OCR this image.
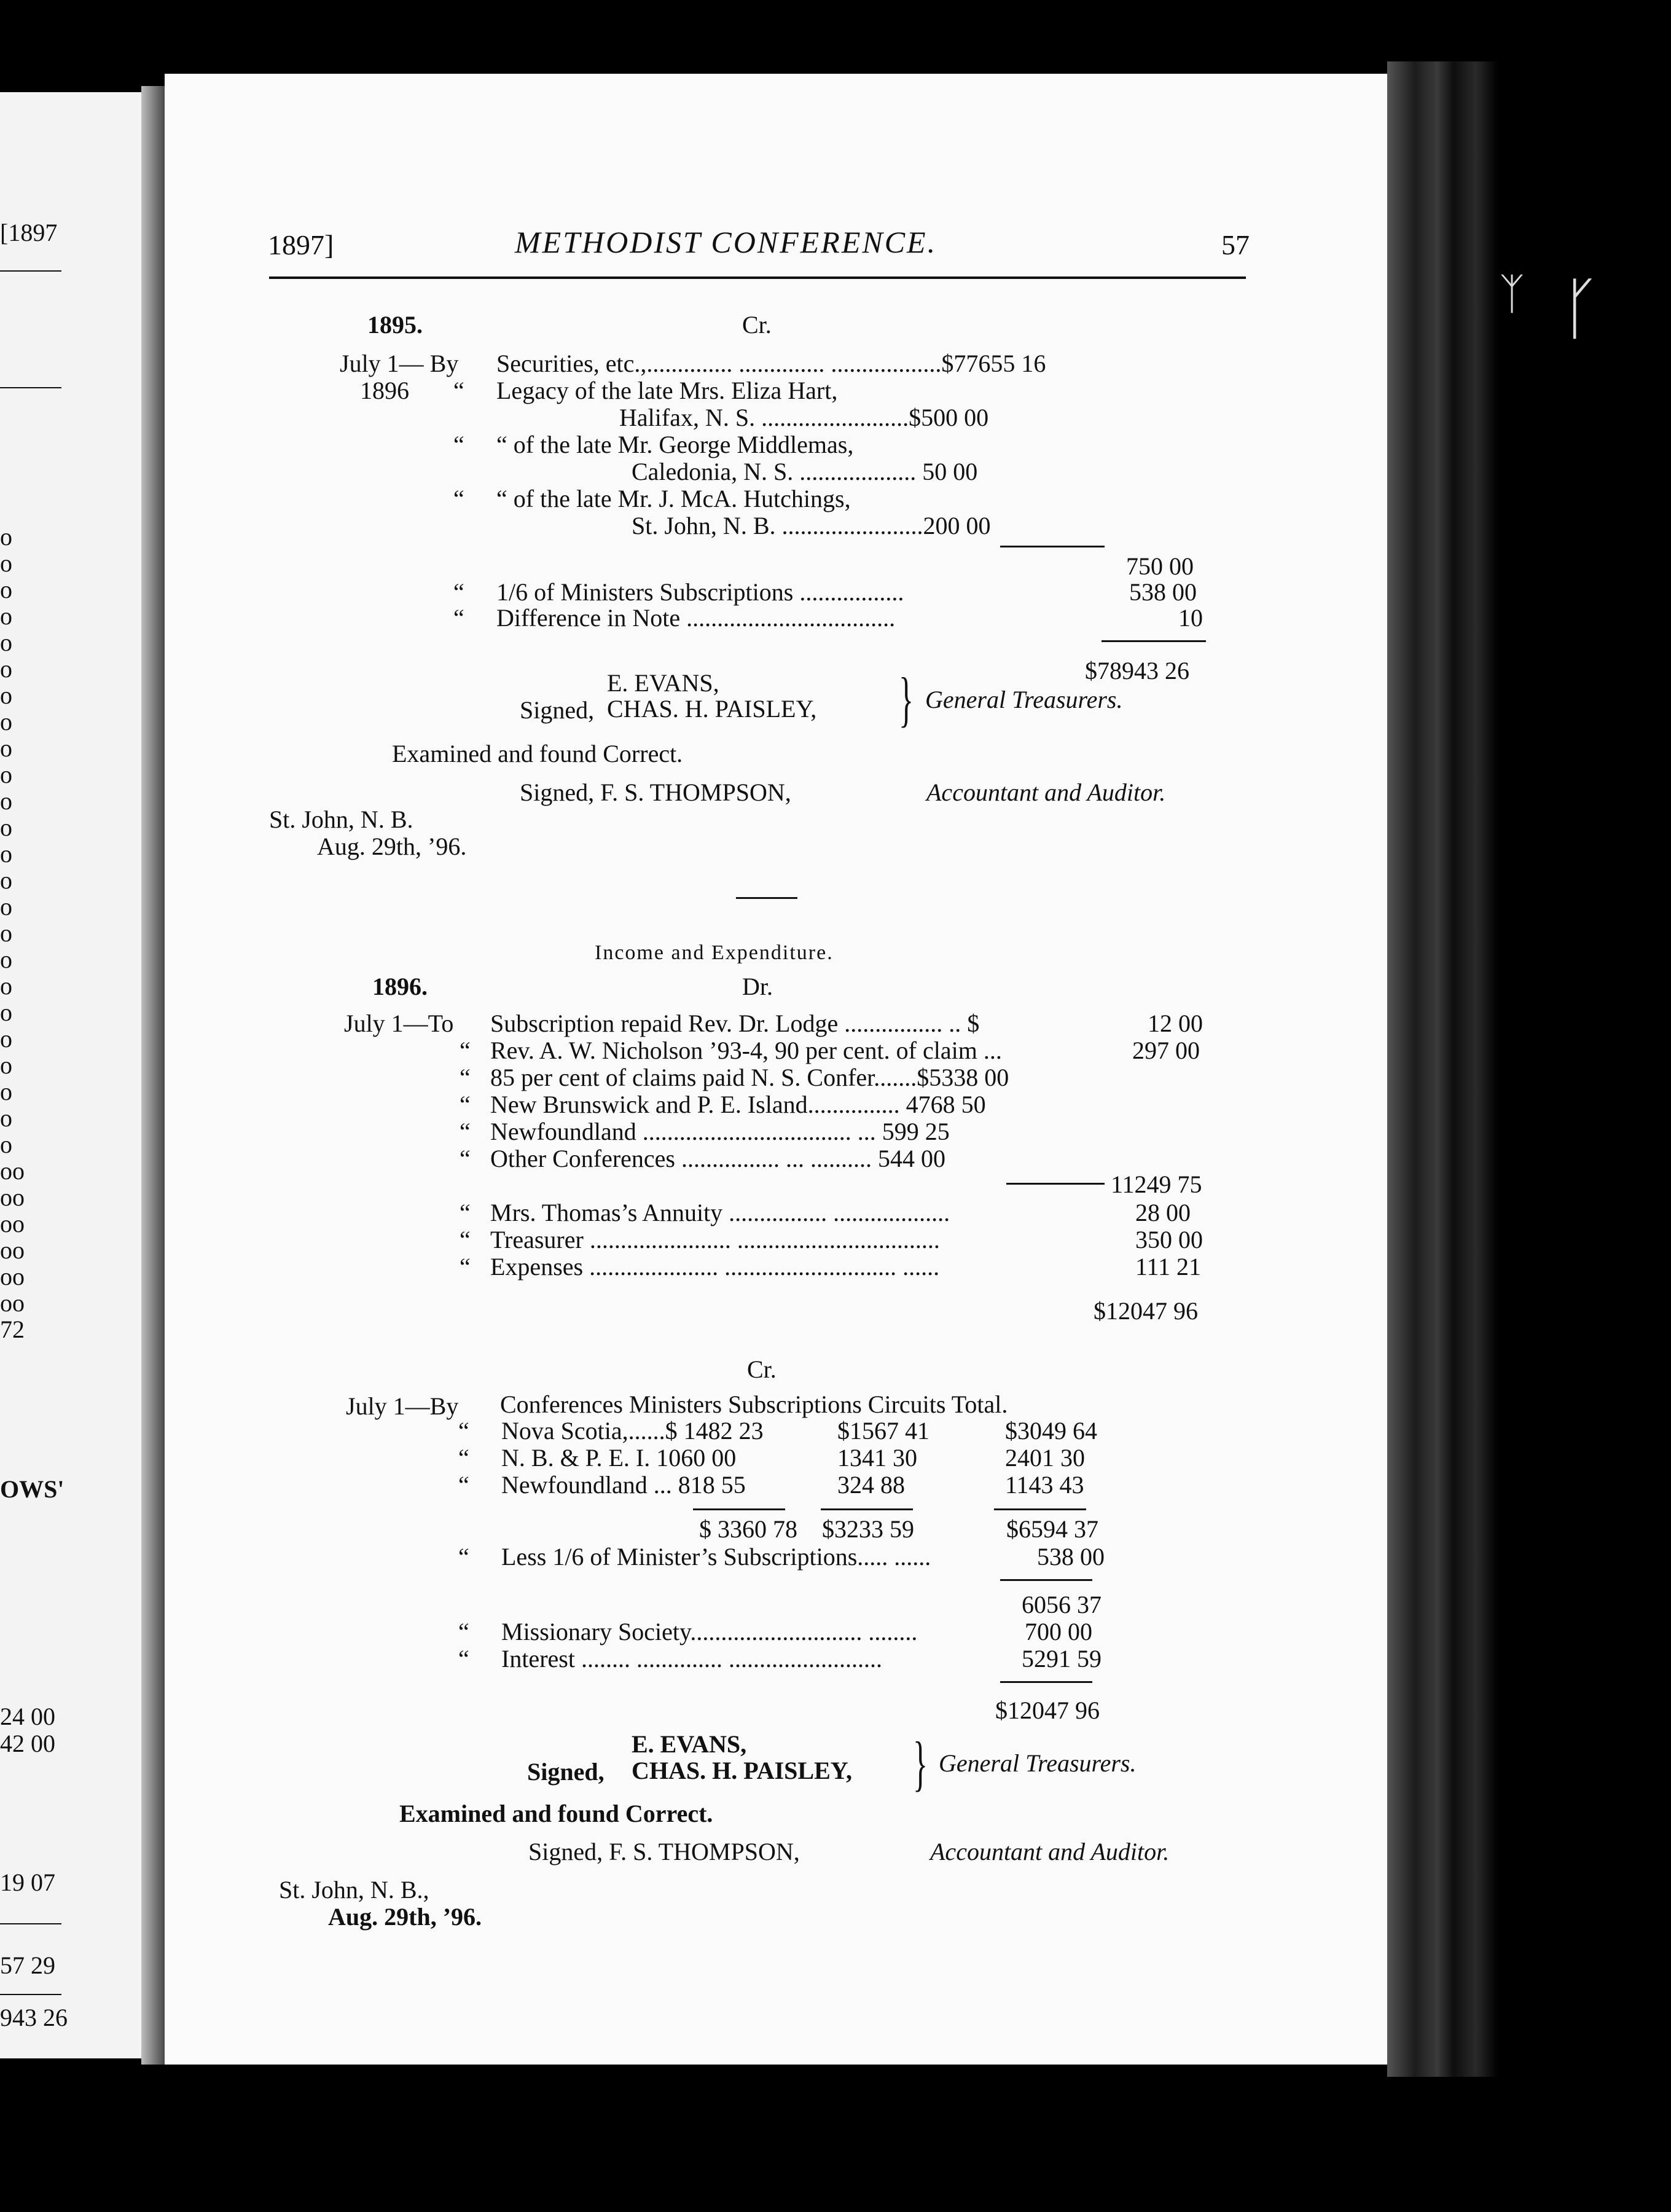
[1897
o
o
o
o
o
o
o
o
o
o
o
o
o
o
o
o
o
o
o
o
o
o
o
o
oo
oo
oo
oo
oo
oo
72
OWS'
24 00
42 00
19 07
57 29
943 26
1897]	METHODIST CONFERENCE.	57
1895.	Cr.
July 1— By
1896
Securities, etc.,.............. .............. ..................$77655 16
“ Legacy of the late Mrs. Eliza Hart,
Halifax, N. S. ........................$500 00
“ “ of the late Mr. George Middlemas,
Caledonia, N. S. ................... 50 00
“ “ of the late Mr. J. McA. Hutchings,
St. John, N. B. .......................200 00
750 00
“ 1/6 of Ministers Subscriptions .................	538 00
“ Difference in Note ..................................	10
$78943 26
Signed,
E. EVANS,
CHAS. H. PAISLEY, } General Treasurers.
Examined and found Correct.
Signed, F. S. THOMPSON,	Accountant and Auditor.
St. John, N. B.
Aug. 29th, ’96.
Income and Expenditure.
1896.	Dr.
July 1—To Subscription repaid Rev. Dr. Lodge ................ .. $	12 00
“ Rev. A. W. Nicholson ’93-4, 90 per cent. of claim ...	297 00
“ 85 per cent of claims paid N. S. Confer.......$5338 00
“ New Brunswick and P. E. Island............... 4768 50
“ Newfoundland .................................. ... 599 25
“ Other Conferences ................ ... .......... 544 00
11249 75
“ Mrs. Thomas’s Annuity ................ ...................	28 00
“ Treasurer ....................... .................................	350 00
“ Expenses ..................... ............................ ......	111 21
$12047 96
Cr.
July 1—By Conferences Ministers Subscriptions Circuits Total.
“ Nova Scotia,......$ 1482 23	$1567 41	$3049 64
“ N. B. & P. E. I. 1060 00	1341 30	2401 30
“ Newfoundland ... 818 55	324 88	1143 43
$ 3360 78 $3233 59	$6594 37
“ Less 1/6 of Minister’s Subscriptions..... ......	538 00
6056 37
“ Missionary Society............................ ........	700 00
“ Interest ........ .............. .........................	5291 59
$12047 96
Signed,
E. EVANS,
CHAS. H. PAISLEY, } General Treasurers.
Examined and found Correct.
Signed, F. S. THOMPSON,	Accountant and Auditor.
St. John, N. B.,
Aug. 29th, ’96.
ᛉ ᚴ
